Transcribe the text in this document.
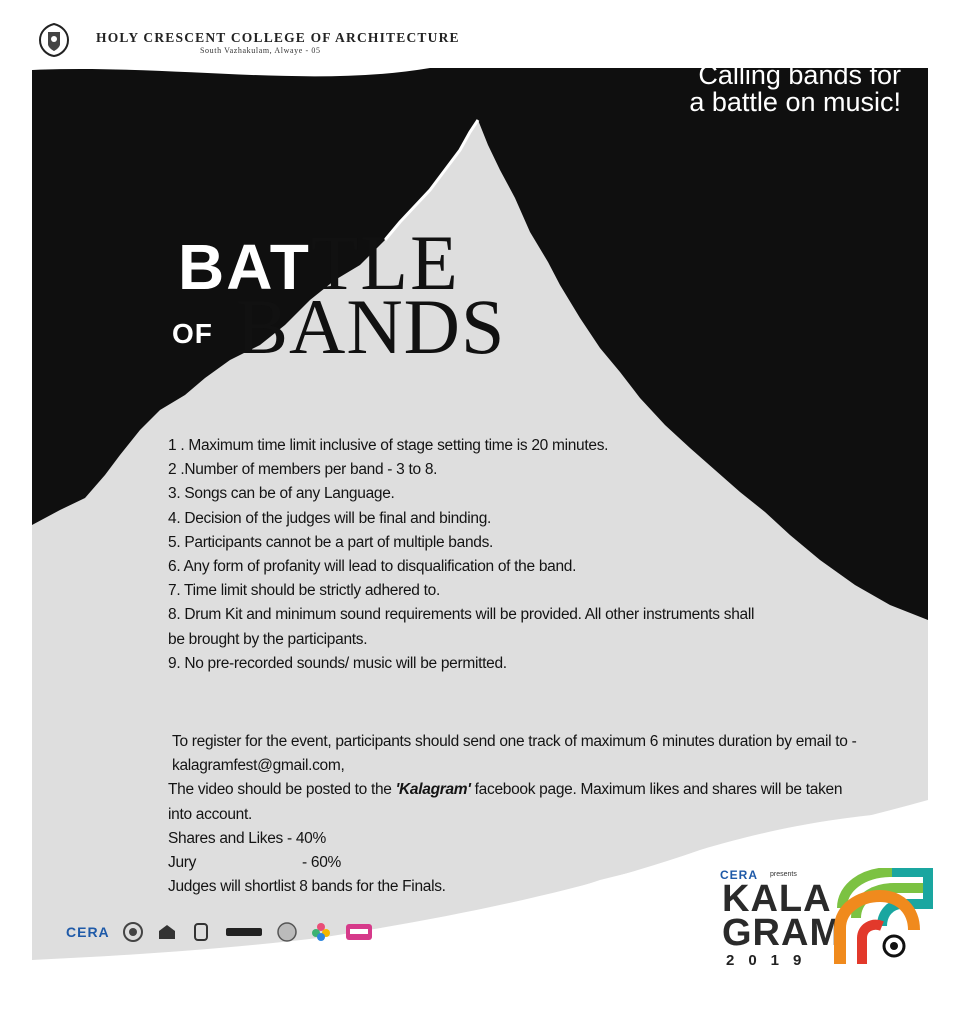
HOLY CRESCENT COLLEGE OF ARCHITECTURE
South Vazhakulam, Alwaye - 05
Calling bands for
a battle on music!
BATTLE
BANDS
OF
1 . Maximum time limit inclusive of stage setting time is 20 minutes.
2 .Number of members per band - 3 to 8.
3. Songs can be of any Language.
4. Decision of the judges will be final and binding.
5. Participants cannot be a part of multiple bands.
6. Any form of profanity will lead to disqualification of the band.
7. Time limit should be strictly adhered to.
8. Drum Kit and minimum sound requirements will be provided. All other instruments shall be brought by the participants.
9. No pre-recorded sounds/ music will be permitted.

To register for the event, participants should send one track of maximum 6 minutes duration by email to - kalagramfest@gmail.com,

The video should be posted to the 'Kalagram' facebook page. Maximum likes and shares will be taken into account.

Shares and Likes - 40%

Jury	- 60%

Judges will shortlist 8 bands for the Finals.

CERA
CERA presents
KALA
GRAM
2019
